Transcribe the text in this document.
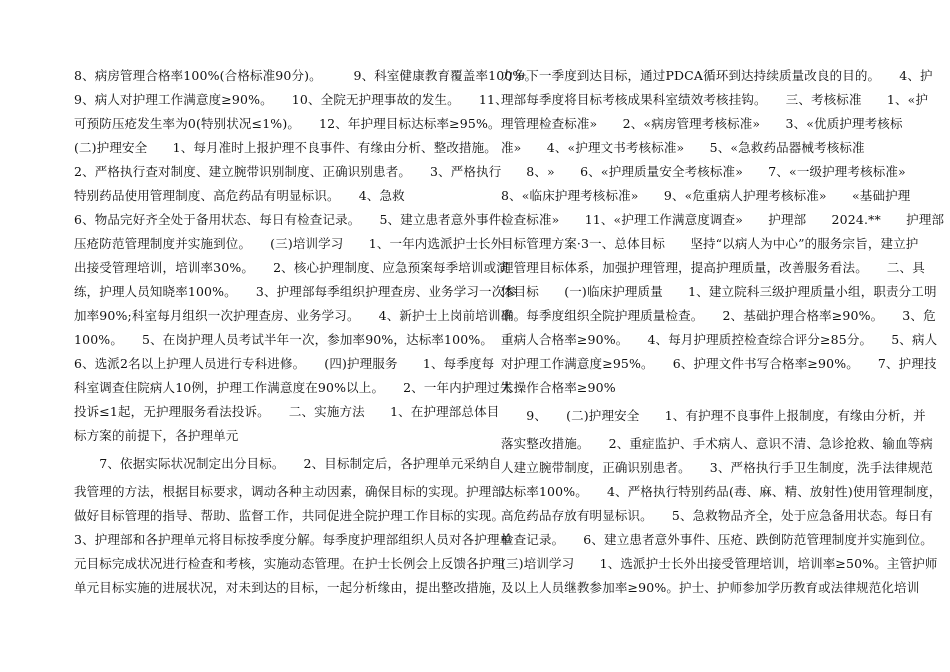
8、病房管理合格率100%(合格标准90分)。　　　9、科室健康教育覆盖率100%。
9、病人对护理工作满意度≥90%。　　10、全院无护理事故的发生。　　11、
可预防压疮发生率为0(特别状况≤1%)。　　12、年护理目标达标率≥95%。
(二)护理安全　　1、每月准时上报护理不良事件、有缘由分析、整改措施。
2、严格执行查对制度、建立腕带识别制度、正确识别患者。　　3、严格执行
特别药品使用管理制度、高危药品有明显标识。　　4、急救
6、物品完好齐全处于备用状态、每日有检查记录。　　5、建立患者意外事件、
压疮防范管理制度并实施到位。　　(三)培训学习　　1、一年内选派护士长外
出接受管理培训，培训率30%。　　2、核心护理制度、应急预案每季培训或演
练，护理人员知晓率100%。　　3、护理部每季组织护理查房、业务学习一次参
加率90%;科室每月组织一次护理查房、业务学习。　　4、新护士上岗前培训率
100%。　　5、在岗护理人员考试半年一次，参加率90%，达标率100%。
6、选派2名以上护理人员进行专科进修。　　(四)护理服务　　1、每季度每
科室调查住院病人10例，护理工作满意度在90%以上。　　2、一年内护理过失
投诉≤1起，无护理服务看法投诉。　　二、实施方法　　1、在护理部总体目
标方案的前提下，各护理单元
　　7、依据实际状况制定出分目标。　　2、目标制定后，各护理单元采纳自
我管理的方法，根据目标要求，调动各种主动因素，确保目标的实现。护理部
做好目标管理的指导、帮助、监督工作，共同促进全院护理工作目标的实现。
3、护理部和各护理单元将目标按季度分解。每季度护理部组织人员对各护理单
元目标完成状况进行检查和考核，实施动态管理。在护士长例会上反馈各护理
单元目标实施的进展状况，对未到达的目标，一起分析缘由，提出整改措施，
力争下一季度到达目标，通过PDCA循环到达持续质量改良的目的。　　4、护
理部每季度将目标考核成果科室绩效考核挂钩。　　三、考核标准　　1、«护
理管理检查标准»　　2、«病房管理考核标准»　　3、«优质护理考核标
准»　　4、«护理文书考核标准»　　5、«急救药品器械考核标准
　　8、»　　6、«护理质量安全考核标准»　　7、«一级护理考核标准»
8、«临床护理考核标准»　　9、«危重病人护理考核标准»　　«基础护理
检查标准»　　11、«护理工作满意度调查»　　护理部　　2024.**　　护理部
目标管理方案·3一、总体目标　　坚持“以病人为中心”的服务宗旨，建立护
理管理目标体系，加强护理管理，提高护理质量，改善服务看法。　　二、具
体目标　　(一)临床护理质量　　1、建立院科三级护理质量小组，职责分工明
确。每季度组织全院护理质量检查。　　2、基础护理合格率≥90%。　　3、危
重病人合格率≥90%。　　4、每月护理质控检查综合评分≥85分。　　5、病人
对护理工作满意度≥95%。　　6、护理文件书写合格率≥90%。　　7、护理技
术操作合格率≥90%
　　9、　　(二)护理安全　　1、有护理不良事件上报制度，有缘由分析，并
落实整改措施。　　2、重症监护、手术病人、意识不清、急诊抢救、输血等病
人建立腕带制度，正确识别患者。　　3、严格执行手卫生制度，洗手法律规范
达标率100%。　　4、严格执行特别药品(毒、麻、精、放射性)使用管理制度，
高危药品存放有明显标识。　　5、急救物品齐全，处于应急备用状态。每日有
检查记录。　　6、建立患者意外事件、压疮、跌倒防范管理制度并实施到位。
(三)培训学习　　1、选派护士长外出接受管理培训，培训率≥50%。主管护师
及以上人员继教参加率≥90%。护士、护师参加学历教育或法律规范化培训
